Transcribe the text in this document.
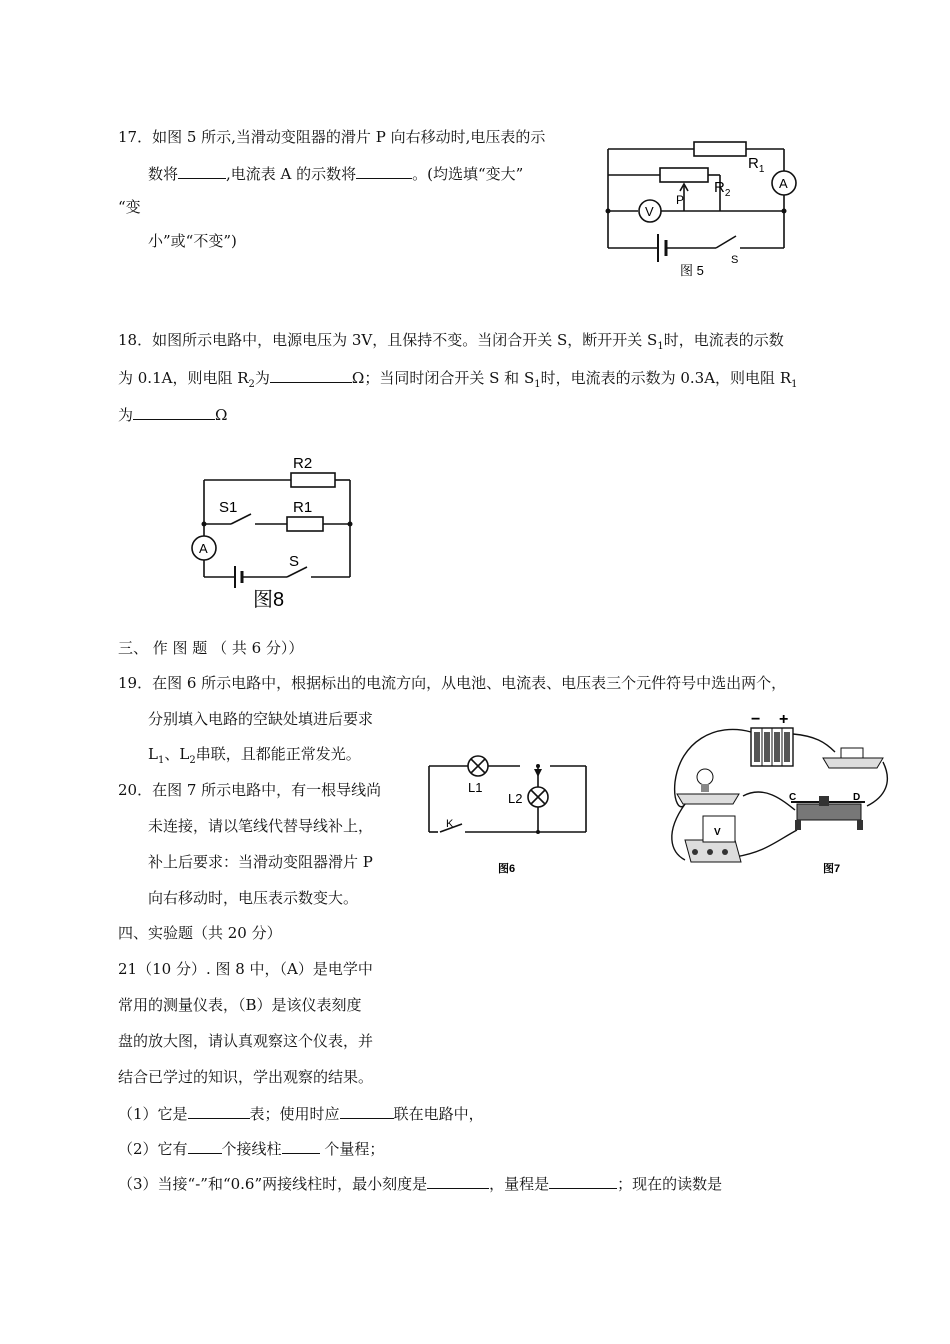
17．如图 5 所示,当滑动变阻器的滑片 P 向右移动时,电压表的示
数将	,电流表 A 的示数将	。(均选填“变大”
“变
小”或“不变”)
$R_1$
$R_2$
P
A
V
S
图 5
18．如图所示电路中，电源电压为 3V，且保持不变。当闭合开关 S，断开开关 $S_1$时，电流表的示数
为 0.1A，则电阻 $R_2$为	Ω；当同时闭合开关 S 和 $S_1$时，电流表的示数为 0.3A，则电阻 $R_1$
为	Ω
R2
R1
S1
S
A
图8
三、 作 图 题 （ 共 6 分））
19．在图 6 所示电路中，根据标出的电流方向，从电池、电流表、电压表三个元件符号中选出两个，
分别填入电路的空缺处填进后要求
$L_1$、$L_2$串联，且都能正常发光。
L1
L2
K
图6
− +
C	D
V
图7
20．在图 7 所示电路中，有一根导线尚
未连接，请以笔线代替导线补上，
补上后要求：当滑动变阻器滑片 P
向右移动时，电压表示数变大。
四、实验题（共 20 分）
21（10 分）. 图 8 中，（A）是电学中
常用的测量仪表，（B）是该仪表刻度
盘的放大图，请认真观察这个仪表，并
结合已学过的知识，学出观察的结果。
（1）它是	表；使用时应	联在电路中，
（2）它有 个接线柱	个量程；
（3）当接“-”和“0.6”两接线柱时，最小刻度是	，量程是	；现在的读数是
